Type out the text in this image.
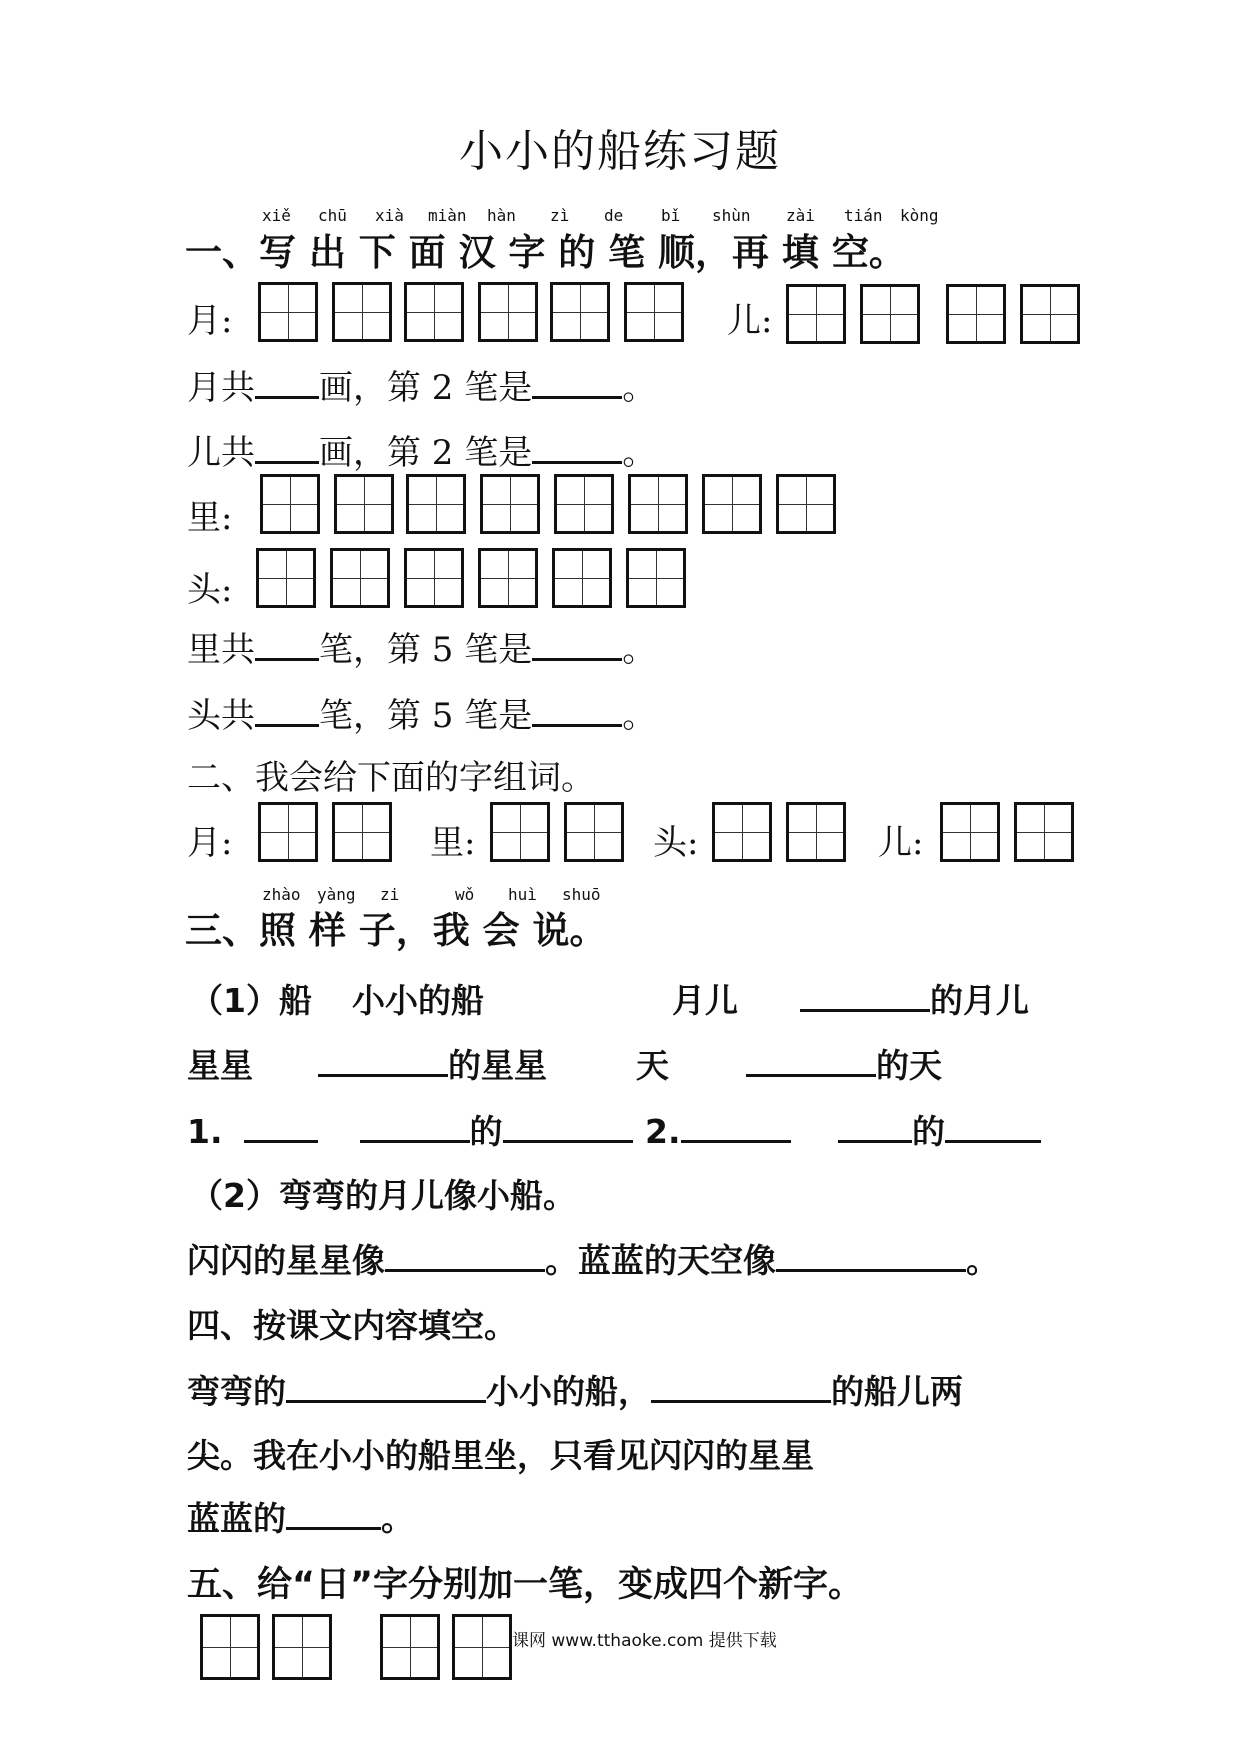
小小的船练习题
xiě chū xià miàn hàn zì de bǐ shùn zài tián kòng
一、写 出 下 面 汉 字 的 笔 顺，再 填 空。
月:	儿:
月共 画，第 2 笔是	。
儿共 画，第 2 笔是	。
里:
头:
里共 笔，第 5 笔是	。
头共 笔，第 5 笔是	。
二、我会给下面的字组词。
月:	里:	头:	儿:
zhào yàng zi	wǒ huì shuō
三、照 样 子，我 会 说。
（1）船 小小的船	月儿	的月儿
星星	的星星	天	的天
1.	的	2.	的
（2）弯弯的月儿像小船。
闪闪的星星像	。蓝蓝的天空像	。
四、按课文内容填空。
弯弯的	小小的船，	的船儿两
尖。我在小小的船里坐，只看见闪闪的星星
蓝蓝的	。
五、给“日”字分别加一笔，变成四个新字。
课网 www.tthaoke.com 提供下载
